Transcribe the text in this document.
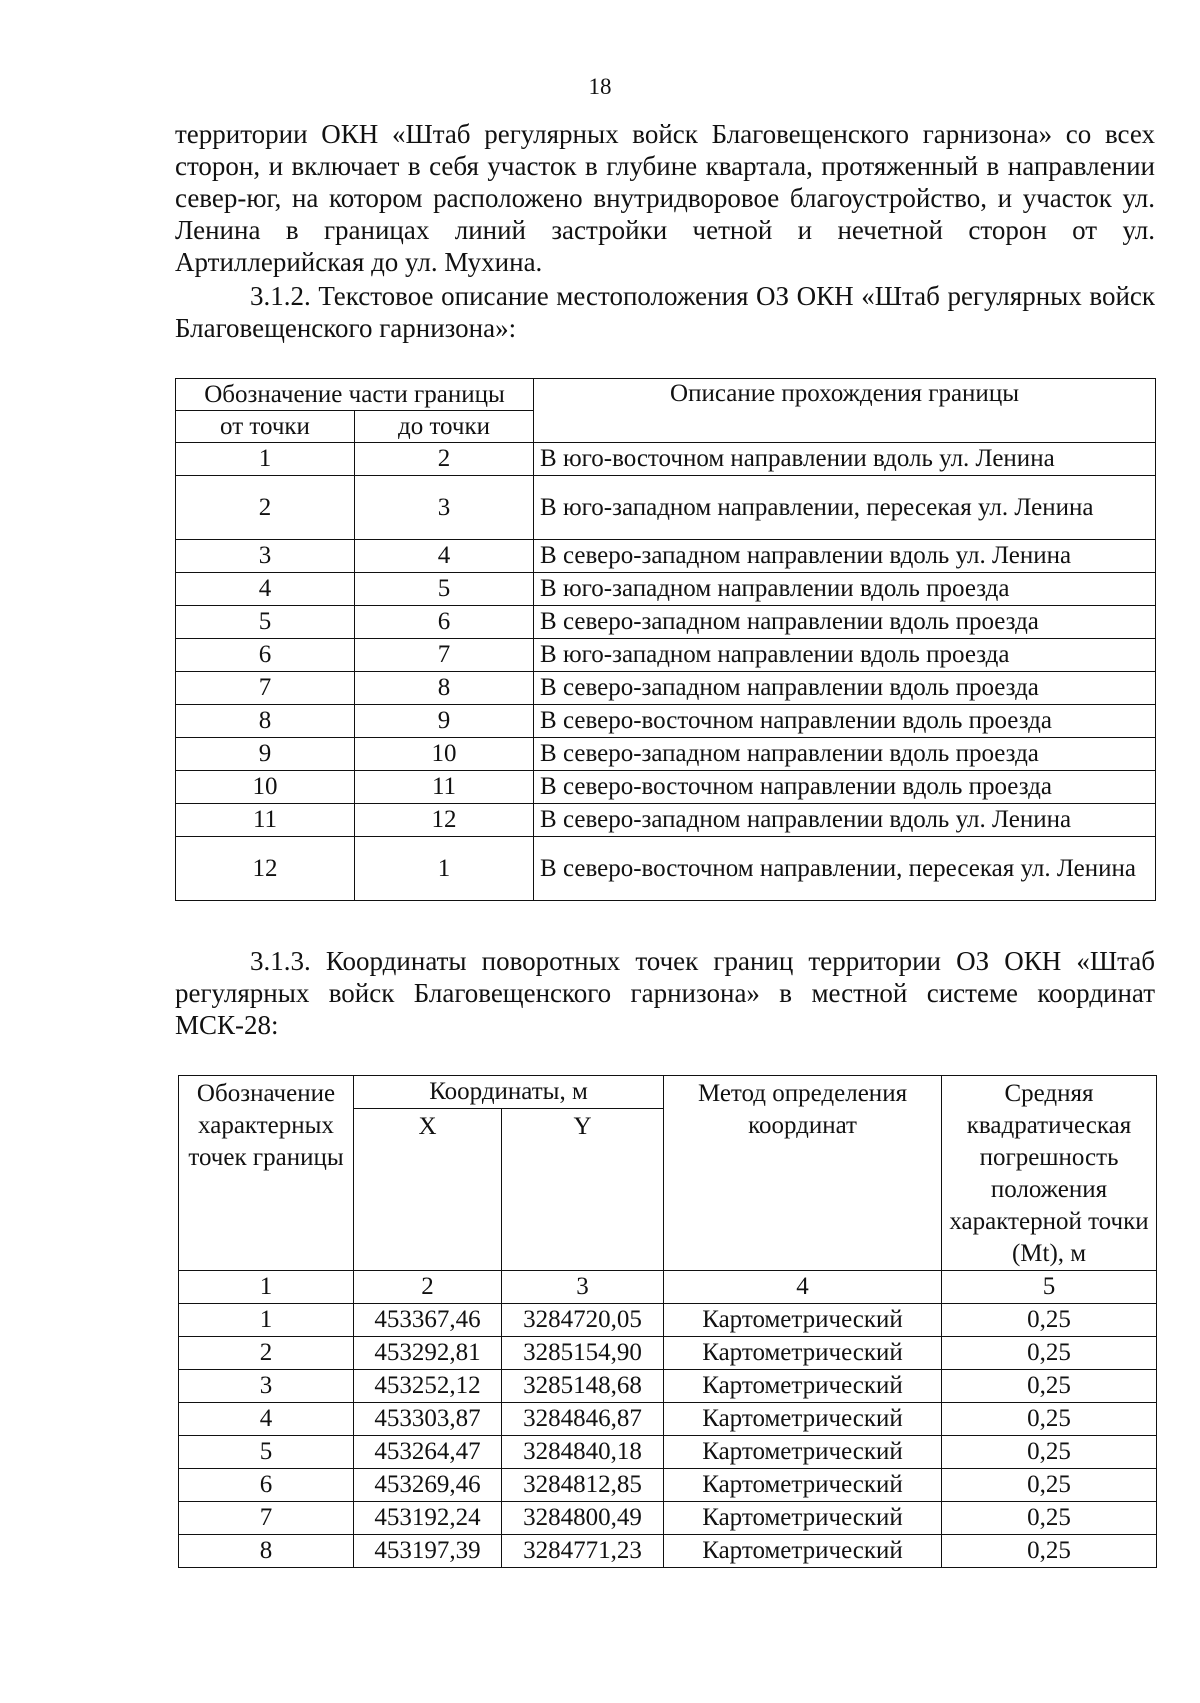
18

территории ОКН «Штаб регулярных войск Благовещенского гарнизона» со всех сторон, и включает в себя участок в глубине квартала, протяженный в направлении север-юг, на котором расположено внутридворовое благоустройство, и участок ул. Ленина в границах линий застройки четной и нечетной сторон от ул. Артиллерийская до ул. Мухина.

3.1.2. Текстовое описание местоположения ОЗ ОКН «Штаб регулярных войск Благовещенского гарнизона»:

Обозначение части границы		Описание прохождения границы
от точки	до точки	
1	2	В юго-восточном направлении вдоль ул. Ленина
2	3	В юго-западном направлении, пересекая ул. Ленина
3	4	В северо-западном направлении вдоль ул. Ленина
4	5	В юго-западном направлении вдоль проезда
5	6	В северо-западном направлении вдоль проезда
6	7	В юго-западном направлении вдоль проезда
7	8	В северо-западном направлении вдоль проезда
8	9	В северо-восточном направлении вдоль проезда
9	10	В северо-западном направлении вдоль проезда
10	11	В северо-восточном направлении вдоль проезда
11	12	В северо-западном направлении вдоль ул. Ленина
12	1	В северо-восточном направлении, пересекая ул. Ленина

3.1.3. Координаты поворотных точек границ территории ОЗ ОКН «Штаб регулярных войск Благовещенского гарнизона» в местной системе координат МСК-28:

Обозначение характерных точек границы	Координаты, м		Метод определения координат	Средняя квадратическая погрешность положения характерной точки (Mt), м
	X	Y		
1	2	3	4	5
1	453367,46	3284720,05	Картометрический	0,25
2	453292,81	3285154,90	Картометрический	0,25
3	453252,12	3285148,68	Картометрический	0,25
4	453303,87	3284846,87	Картометрический	0,25
5	453264,47	3284840,18	Картометрический	0,25
6	453269,46	3284812,85	Картометрический	0,25
7	453192,24	3284800,49	Картометрический	0,25
8	453197,39	3284771,23	Картометрический	0,25
